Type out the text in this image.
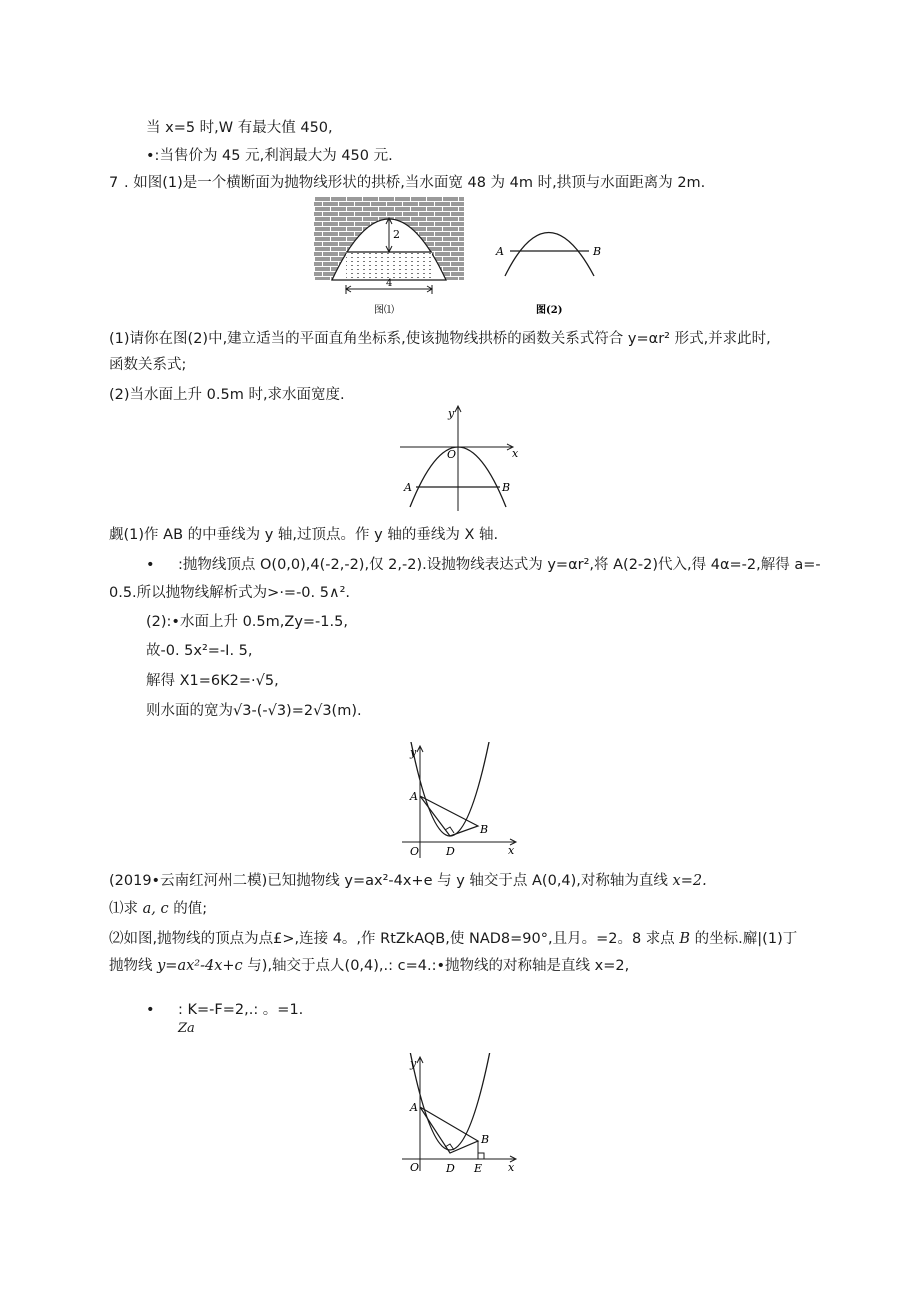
当 x=5 时,W 有最大值 450,
•:当售价为 45 元,利润最大为 450 元.
7 . 如图(1)是一个横断面为抛物线形状的拱桥,当水面宽 48 为 4m 时,拱顶与水面距离为 2m.
2
4
图⑴
A	B
图(2)
(1)请你在图(2)中,建立适当的平面直角坐标系,使该抛物线拱桥的函数关系式符合 y=αr² 形式,并求此时,
函数关系式;
(2)当水面上升 0.5m 时,求水面宽度.
y
x
O
A	B
觑(1)作 AB 的中垂线为 y 轴,过顶点。作 y 轴的垂线为 X 轴.
• :抛物线顶点 O(0,0),4(-2,-2),仅 2,-2).设抛物线表达式为 y=αr²,将 A(2-2)代入,得 4α=-2,解得 a=-
0.5.所以抛物线解析式为>·=-0. 5∧².
(2):•水面上升 0.5m,Zy=-1.5,
故-0. 5x²=-I. 5,
解得 X1=6K2=·√5,
则水面的宽为√3-(-√3)=2√3(m).
y
x
O D
A
B
(2019•云南红河州二模)已知抛物线 y=ax²-4x+e 与 y 轴交于点 A(0,4),对称轴为直线 x=2.
⑴求 a, c 的值;
⑵如图,抛物线的顶点为点£>,连接 4。,作 RtZkAQB,使 NAD8=90°,且月。=2。8 求点 B 的坐标.廨|(1)丁
抛物线 y=ax²-4x+c 与),轴交于点人(0,4),.: c=4.:•抛物线的对称轴是直线 x=2,
• : K=-F=2,.: 。=1.
Za
y
x
O D E
A
B
